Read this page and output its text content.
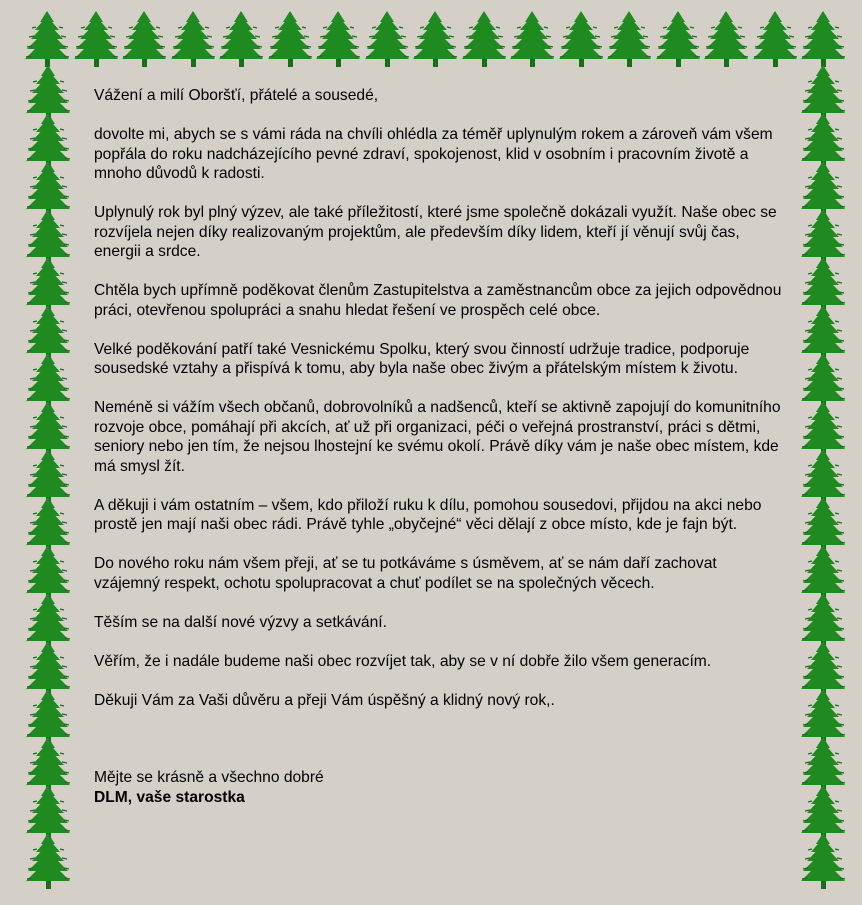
Vážení a milí Oboršťí, přátelé a sousedé,

dovolte mi, abych se s vámi ráda na chvíli ohlédla za téměř uplynulým rokem a zároveň vám všem popřála do roku nadcházejícího pevné zdraví, spokojenost, klid v osobním i pracovním životě a mnoho důvodů k radosti.

Uplynulý rok byl plný výzev, ale také příležitostí, které jsme společně dokázali využít. Naše obec se rozvíjela nejen díky realizovaným projektům, ale především díky lidem, kteří jí věnují svůj čas, energii a srdce.

Chtěla bych upřímně poděkovat členům Zastupitelstva a zaměstnancům obce za jejich odpovědnou práci, otevřenou spolupráci a snahu hledat řešení ve prospěch celé obce.

Velké poděkování patří také Vesnickému Spolku, který svou činností udržuje tradice, podporuje sousedské vztahy a přispívá k tomu, aby byla naše obec živým a přátelským místem k životu.

Neméně si vážím všech občanů, dobrovolníků a nadšenců, kteří se aktivně zapojují do komunitního rozvoje obce, pomáhají při akcích, ať už při organizaci, péči o veřejná prostranství, práci s dětmi, seniory nebo jen tím, že nejsou lhostejní ke svému okolí. Právě díky vám je naše obec místem, kde má smysl žít.

A děkuji i vám ostatním – všem, kdo přiloží ruku k dílu, pomohou sousedovi, přijdou na akci nebo prostě jen mají naši obec rádi. Právě tyhle „obyčejné“ věci dělají z obce místo, kde je fajn být.

Do nového roku nám všem přeji, ať se tu potkáváme s úsměvem, ať se nám daří zachovat vzájemný respekt, ochotu spolupracovat a chuť podílet se na společných věcech.

Těším se na další nové výzvy a setkávání.

Věřím, že i nadále budeme naši obec rozvíjet tak, aby se v ní dobře žilo všem generacím.

Děkuji Vám za Vaši důvěru a přeji Vám úspěšný a klidný nový rok,.

Mějte se krásně a všechno dobré
DLM, vaše starostka
